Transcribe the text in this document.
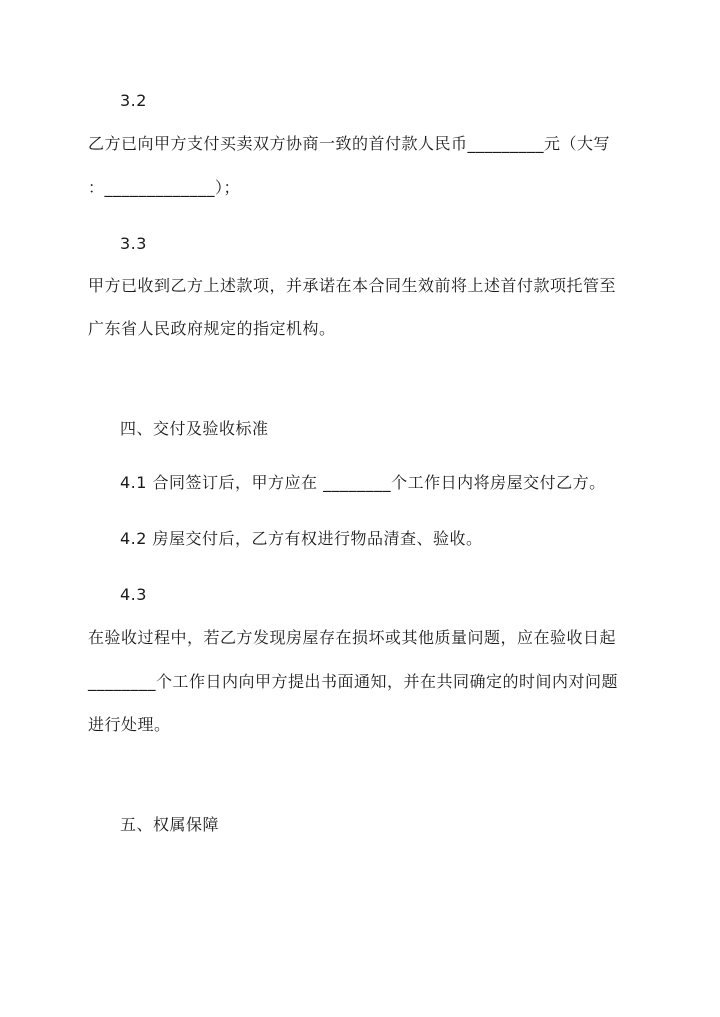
3.2
乙方已向甲方支付买卖双方协商一致的首付款人民币_________元（大写
：_____________）；
3.3
甲方已收到乙方上述款项，并承诺在本合同生效前将上述首付款项托管至
广东省人民政府规定的指定机构。
四、交付及验收标准
4.1 合同签订后，甲方应在 ________个工作日内将房屋交付乙方。
4.2 房屋交付后，乙方有权进行物品清查、验收。
4.3
在验收过程中，若乙方发现房屋存在损坏或其他质量问题，应在验收日起
________个工作日内向甲方提出书面通知，并在共同确定的时间内对问题
进行处理。
五、权属保障
